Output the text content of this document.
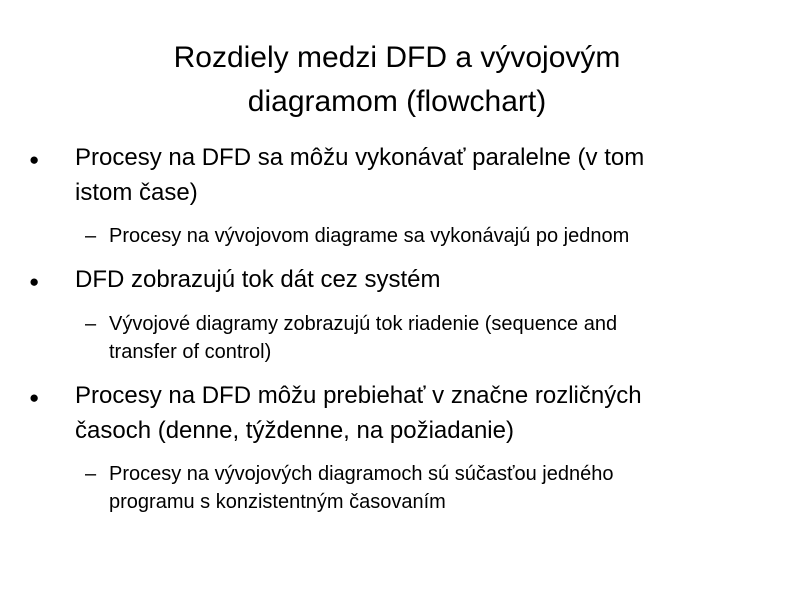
Rozdiely medzi DFD a vývojovým
diagramom (flowchart)
● Procesy na DFD sa môžu vykonávať paralelne (v tom
istom čase)
– Procesy na vývojovom diagrame sa vykonávajú po jednom
● DFD zobrazujú tok dát cez systém
– Vývojové diagramy zobrazujú tok riadenie (sequence and
transfer of control)
● Procesy na DFD môžu prebiehať v značne rozličných
časoch (denne, týždenne, na požiadanie)
– Procesy na vývojových diagramoch sú súčasťou jedného
programu s konzistentným časovaním
